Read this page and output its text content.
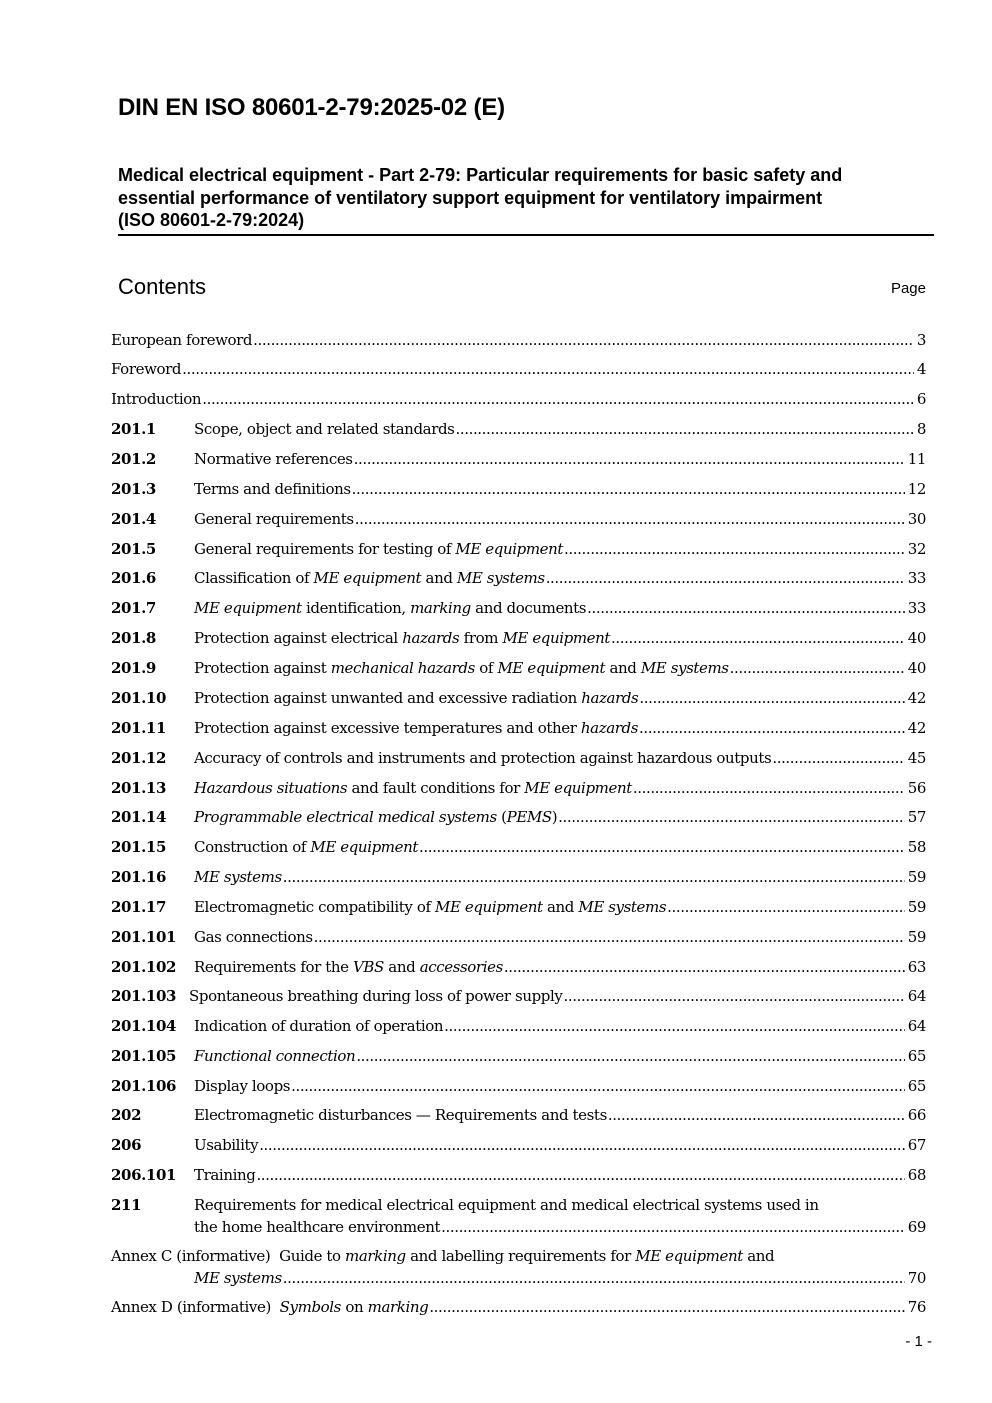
DIN EN ISO 80601-2-79:2025-02 (E)
Medical electrical equipment - Part 2-79: Particular requirements for basic safety and
essential performance of ventilatory support equipment for ventilatory impairment
(ISO 80601-2-79:2024)
Contents	Page
European foreword .....	3
Foreword .....	4
Introduction .....	6
201.1	Scope, object and related standards .....	8
201.2	Normative references .....	11
201.3	Terms and definitions .....	12
201.4	General requirements .....	30
201.5	General requirements for testing of ME equipment .....	32
201.6	Classification of ME equipment and ME systems .....	33
201.7	ME equipment identification, marking and documents .....	33
201.8	Protection against electrical hazards from ME equipment .....	40
201.9	Protection against mechanical hazards of ME equipment and ME systems .....	40
201.10 Protection against unwanted and excessive radiation hazards .....	42
201.11 Protection against excessive temperatures and other hazards .....	42
201.12 Accuracy of controls and instruments and protection against hazardous outputs .....	45
201.13 Hazardous situations and fault conditions for ME equipment .....	56
201.14 Programmable electrical medical systems (PEMS) .....	57
201.15 Construction of ME equipment .....	58
201.16 ME systems .....	59
201.17 Electromagnetic compatibility of ME equipment and ME systems .....	59
201.101 Gas connections .....	59
201.102 Requirements for the VBS and accessories .....	63
201.103 Spontaneous breathing during loss of power supply .....	64
201.104 Indication of duration of operation .....	64
201.105 Functional connection .....	65
201.106 Display loops .....	65
202	Electromagnetic disturbances — Requirements and tests .....	66
206	Usability .....	67
206.101 Training .....	68
211	Requirements for medical electrical equipment and medical electrical systems used in
the home healthcare environment .....	69
Annex C (informative) Guide to marking and labelling requirements for ME equipment and
ME systems .....	70
Annex D (informative) Symbols on marking .....	76
- 1 -
